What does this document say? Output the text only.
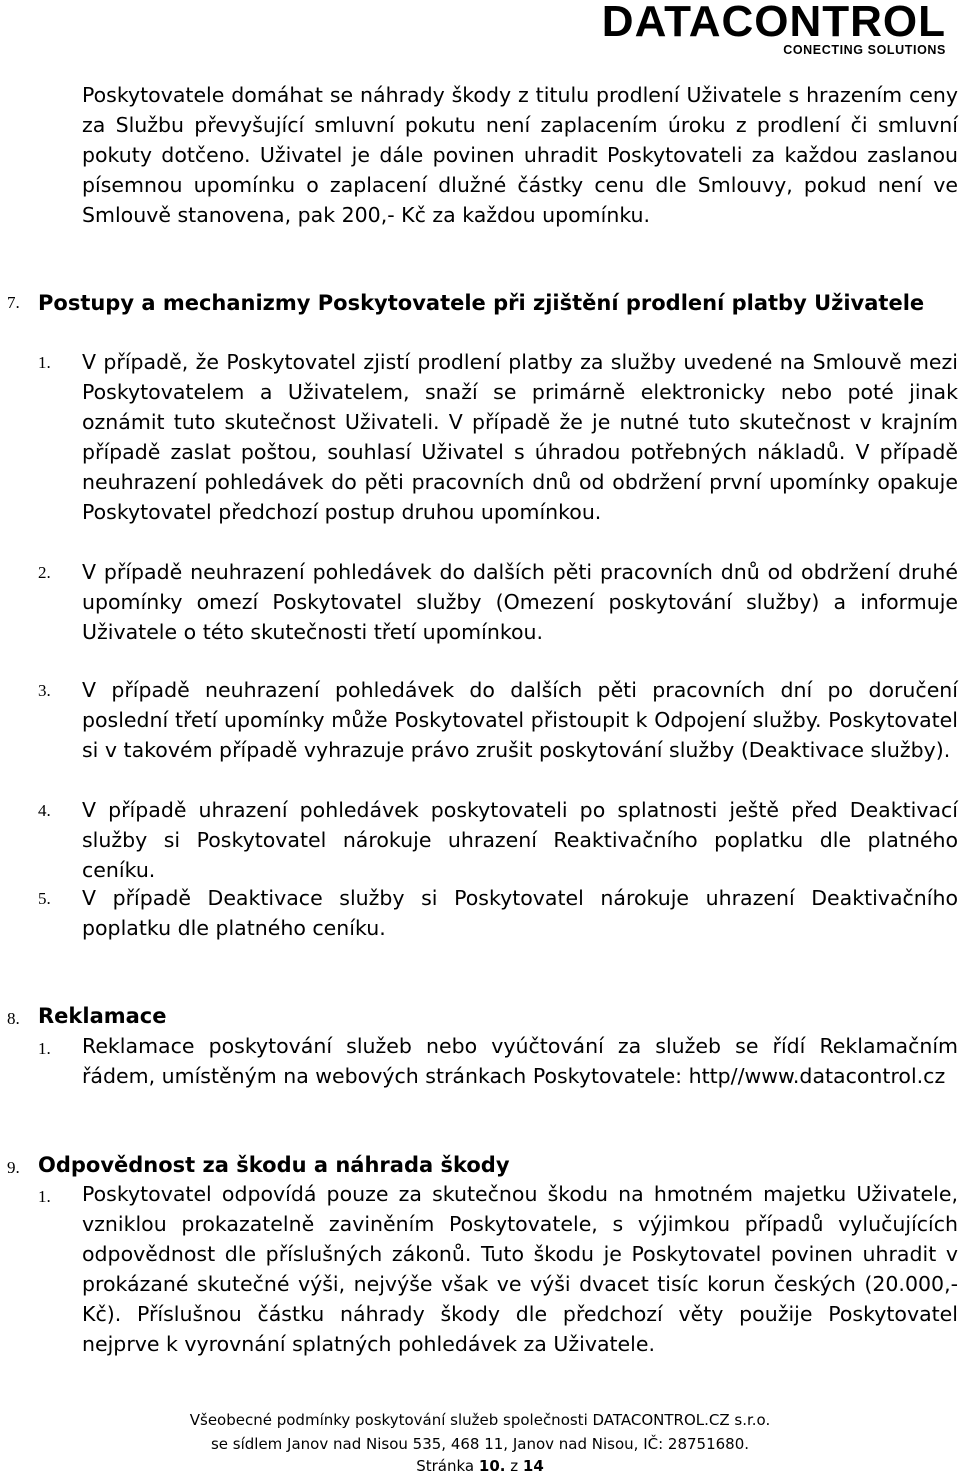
DATACONTROL
CONECTING SOLUTIONS

Poskytovatele domáhat se náhrady škody z titulu prodlení Uživatele s hrazením ceny za Službu převyšující smluvní pokutu není zaplacením úroku z prodlení či smluvní pokuty dotčeno. Uživatel je dále povinen uhradit Poskytovateli za každou zaslanou písemnou upomínku o zaplacení dlužné částky cenu dle Smlouvy, pokud není ve Smlouvě stanovena, pak 200,- Kč za každou upomínku.

7. Postupy a mechanizmy Poskytovatele při zjištění prodlení platby Uživatele

1. V případě, že Poskytovatel zjistí prodlení platby za služby uvedené na Smlouvě mezi Poskytovatelem a Uživatelem, snaží se primárně elektronicky nebo poté jinak oznámit tuto skutečnost Uživateli. V případě že je nutné tuto skutečnost v krajním případě zaslat poštou, souhlasí Uživatel s úhradou potřebných nákladů. V případě neuhrazení pohledávek do pěti pracovních dnů od obdržení první upomínky opakuje Poskytovatel předchozí postup druhou upomínkou.

2. V případě neuhrazení pohledávek do dalších pěti pracovních dnů od obdržení druhé upomínky omezí Poskytovatel služby (Omezení poskytování služby) a informuje Uživatele o této skutečnosti třetí upomínkou.

3. V případě neuhrazení pohledávek do dalších pěti pracovních dní po doručení poslední třetí upomínky může Poskytovatel přistoupit k Odpojení služby. Poskytovatel si v takovém případě vyhrazuje právo zrušit poskytování služby (Deaktivace služby).

4. V případě uhrazení pohledávek poskytovateli po splatnosti ještě před Deaktivací služby si Poskytovatel nárokuje uhrazení Reaktivačního poplatku dle platného ceníku.

5. V případě Deaktivace služby si Poskytovatel nárokuje uhrazení Deaktivačního poplatku dle platného ceníku.

8. Reklamace

1. Reklamace poskytování služeb nebo vyúčtování za služeb se řídí Reklamačním řádem, umístěným na webových stránkach Poskytovatele: http//www.datacontrol.cz

9. Odpovědnost za škodu a náhrada škody

1. Poskytovatel odpovídá pouze za skutečnou škodu na hmotném majetku Uživatele, vzniklou prokazatelně zaviněním Poskytovatele, s výjimkou případů vylučujících odpovědnost dle příslušných zákonů. Tuto škodu je Poskytovatel povinen uhradit v prokázané skutečné výši, nejvýše však ve výši dvacet tisíc korun českých (20.000,- Kč). Příslušnou částku náhrady škody dle předchozí věty použije Poskytovatel nejprve k vyrovnání splatných pohledávek za Uživatele.

Všeobecné podmínky poskytování služeb společnosti DATACONTROL.CZ s.r.o.
se sídlem Janov nad Nisou 535, 468 11, Janov nad Nisou, IČ: 28751680.
Stránka 10. z 14
